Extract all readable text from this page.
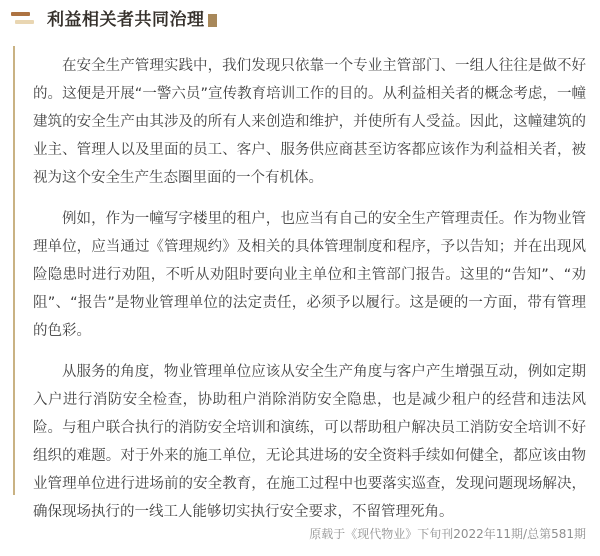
利益相关者共同治理

在安全生产管理实践中，我们发现只依靠一个专业主管部门、一组人往往是做不好的。这便是开展“一警六员”宣传教育培训工作的目的。从利益相关者的概念考虑，一幢建筑的安全生产由其涉及的所有人来创造和维护，并使所有人受益。因此，这幢建筑的业主、管理人以及里面的员工、客户、服务供应商甚至访客都应该作为利益相关者，被视为这个安全生产生态圈里面的一个有机体。

例如，作为一幢写字楼里的租户，也应当有自己的安全生产管理责任。作为物业管理单位，应当通过《管理规约》及相关的具体管理制度和程序，予以告知；并在出现风险隐患时进行劝阻，不听从劝阻时要向业主单位和主管部门报告。这里的“告知”、“劝阻”、“报告”是物业管理单位的法定责任，必须予以履行。这是硬的一方面，带有管理的色彩。

从服务的角度，物业管理单位应该从安全生产角度与客户产生增强互动，例如定期入户进行消防安全检查，协助租户消除消防安全隐患，也是减少租户的经营和违法风险。与租户联合执行的消防安全培训和演练，可以帮助租户解决员工消防安全培训不好组织的难题。对于外来的施工单位，无论其进场的安全资料手续如何健全，都应该由物业管理单位进行进场前的安全教育，在施工过程中也要落实巡查，发现问题现场解决，确保现场执行的一线工人能够切实执行安全要求，不留管理死角。

原载于《现代物业》下旬刊2022年11期/总第581期
